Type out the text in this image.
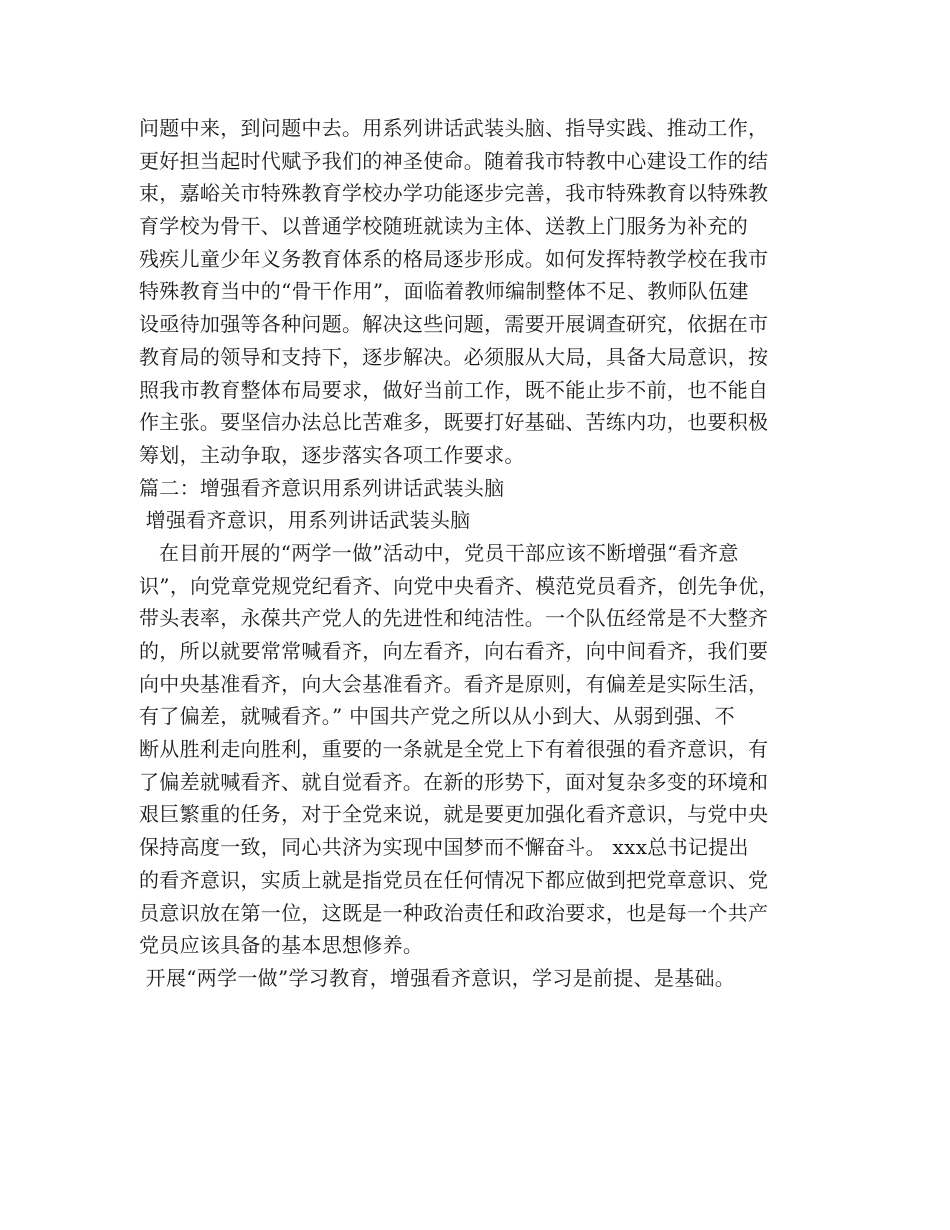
问题中来，到问题中去。用系列讲话武装头脑、指导实践、推动工作，
更好担当起时代赋予我们的神圣使命。随着我市特教中心建设工作的结
束，嘉峪关市特殊教育学校办学功能逐步完善，我市特殊教育以特殊教
育学校为骨干、以普通学校随班就读为主体、送教上门服务为补充的
残疾儿童少年义务教育体系的格局逐步形成。如何发挥特教学校在我市
特殊教育当中的“骨干作用”，面临着教师编制整体不足、教师队伍建
设亟待加强等各种问题。解决这些问题，需要开展调查研究，依据在市
教育局的领导和支持下，逐步解决。必须服从大局，具备大局意识，按
照我市教育整体布局要求，做好当前工作，既不能止步不前，也不能自
作主张。要坚信办法总比苦难多，既要打好基础、苦练内功，也要积极
筹划，主动争取，逐步落实各项工作要求。
篇二：增强看齐意识用系列讲话武装头脑
增强看齐意识，用系列讲话武装头脑
在目前开展的“两学一做”活动中，党员干部应该不断增强“看齐意
识”，向党章党规党纪看齐、向党中央看齐、模范党员看齐，创先争优，
带头表率，永葆共产党人的先进性和纯洁性。一个队伍经常是不大整齐
的，所以就要常常喊看齐，向左看齐，向右看齐，向中间看齐，我们要
向中央基准看齐，向大会基准看齐。看齐是原则，有偏差是实际生活，
有了偏差，就喊看齐。” 中国共产党之所以从小到大、从弱到强、不
断从胜利走向胜利，重要的一条就是全党上下有着很强的看齐意识，有
了偏差就喊看齐、就自觉看齐。在新的形势下，面对复杂多变的环境和
艰巨繁重的任务，对于全党来说，就是要更加强化看齐意识，与党中央
保持高度一致，同心共济为实现中国梦而不懈奋斗。 xxx总书记提出
的看齐意识，实质上就是指党员在任何情况下都应做到把党章意识、党
员意识放在第一位，这既是一种政治责任和政治要求，也是每一个共产
党员应该具备的基本思想修养。
开展“两学一做”学习教育，增强看齐意识，学习是前提、是基础。
